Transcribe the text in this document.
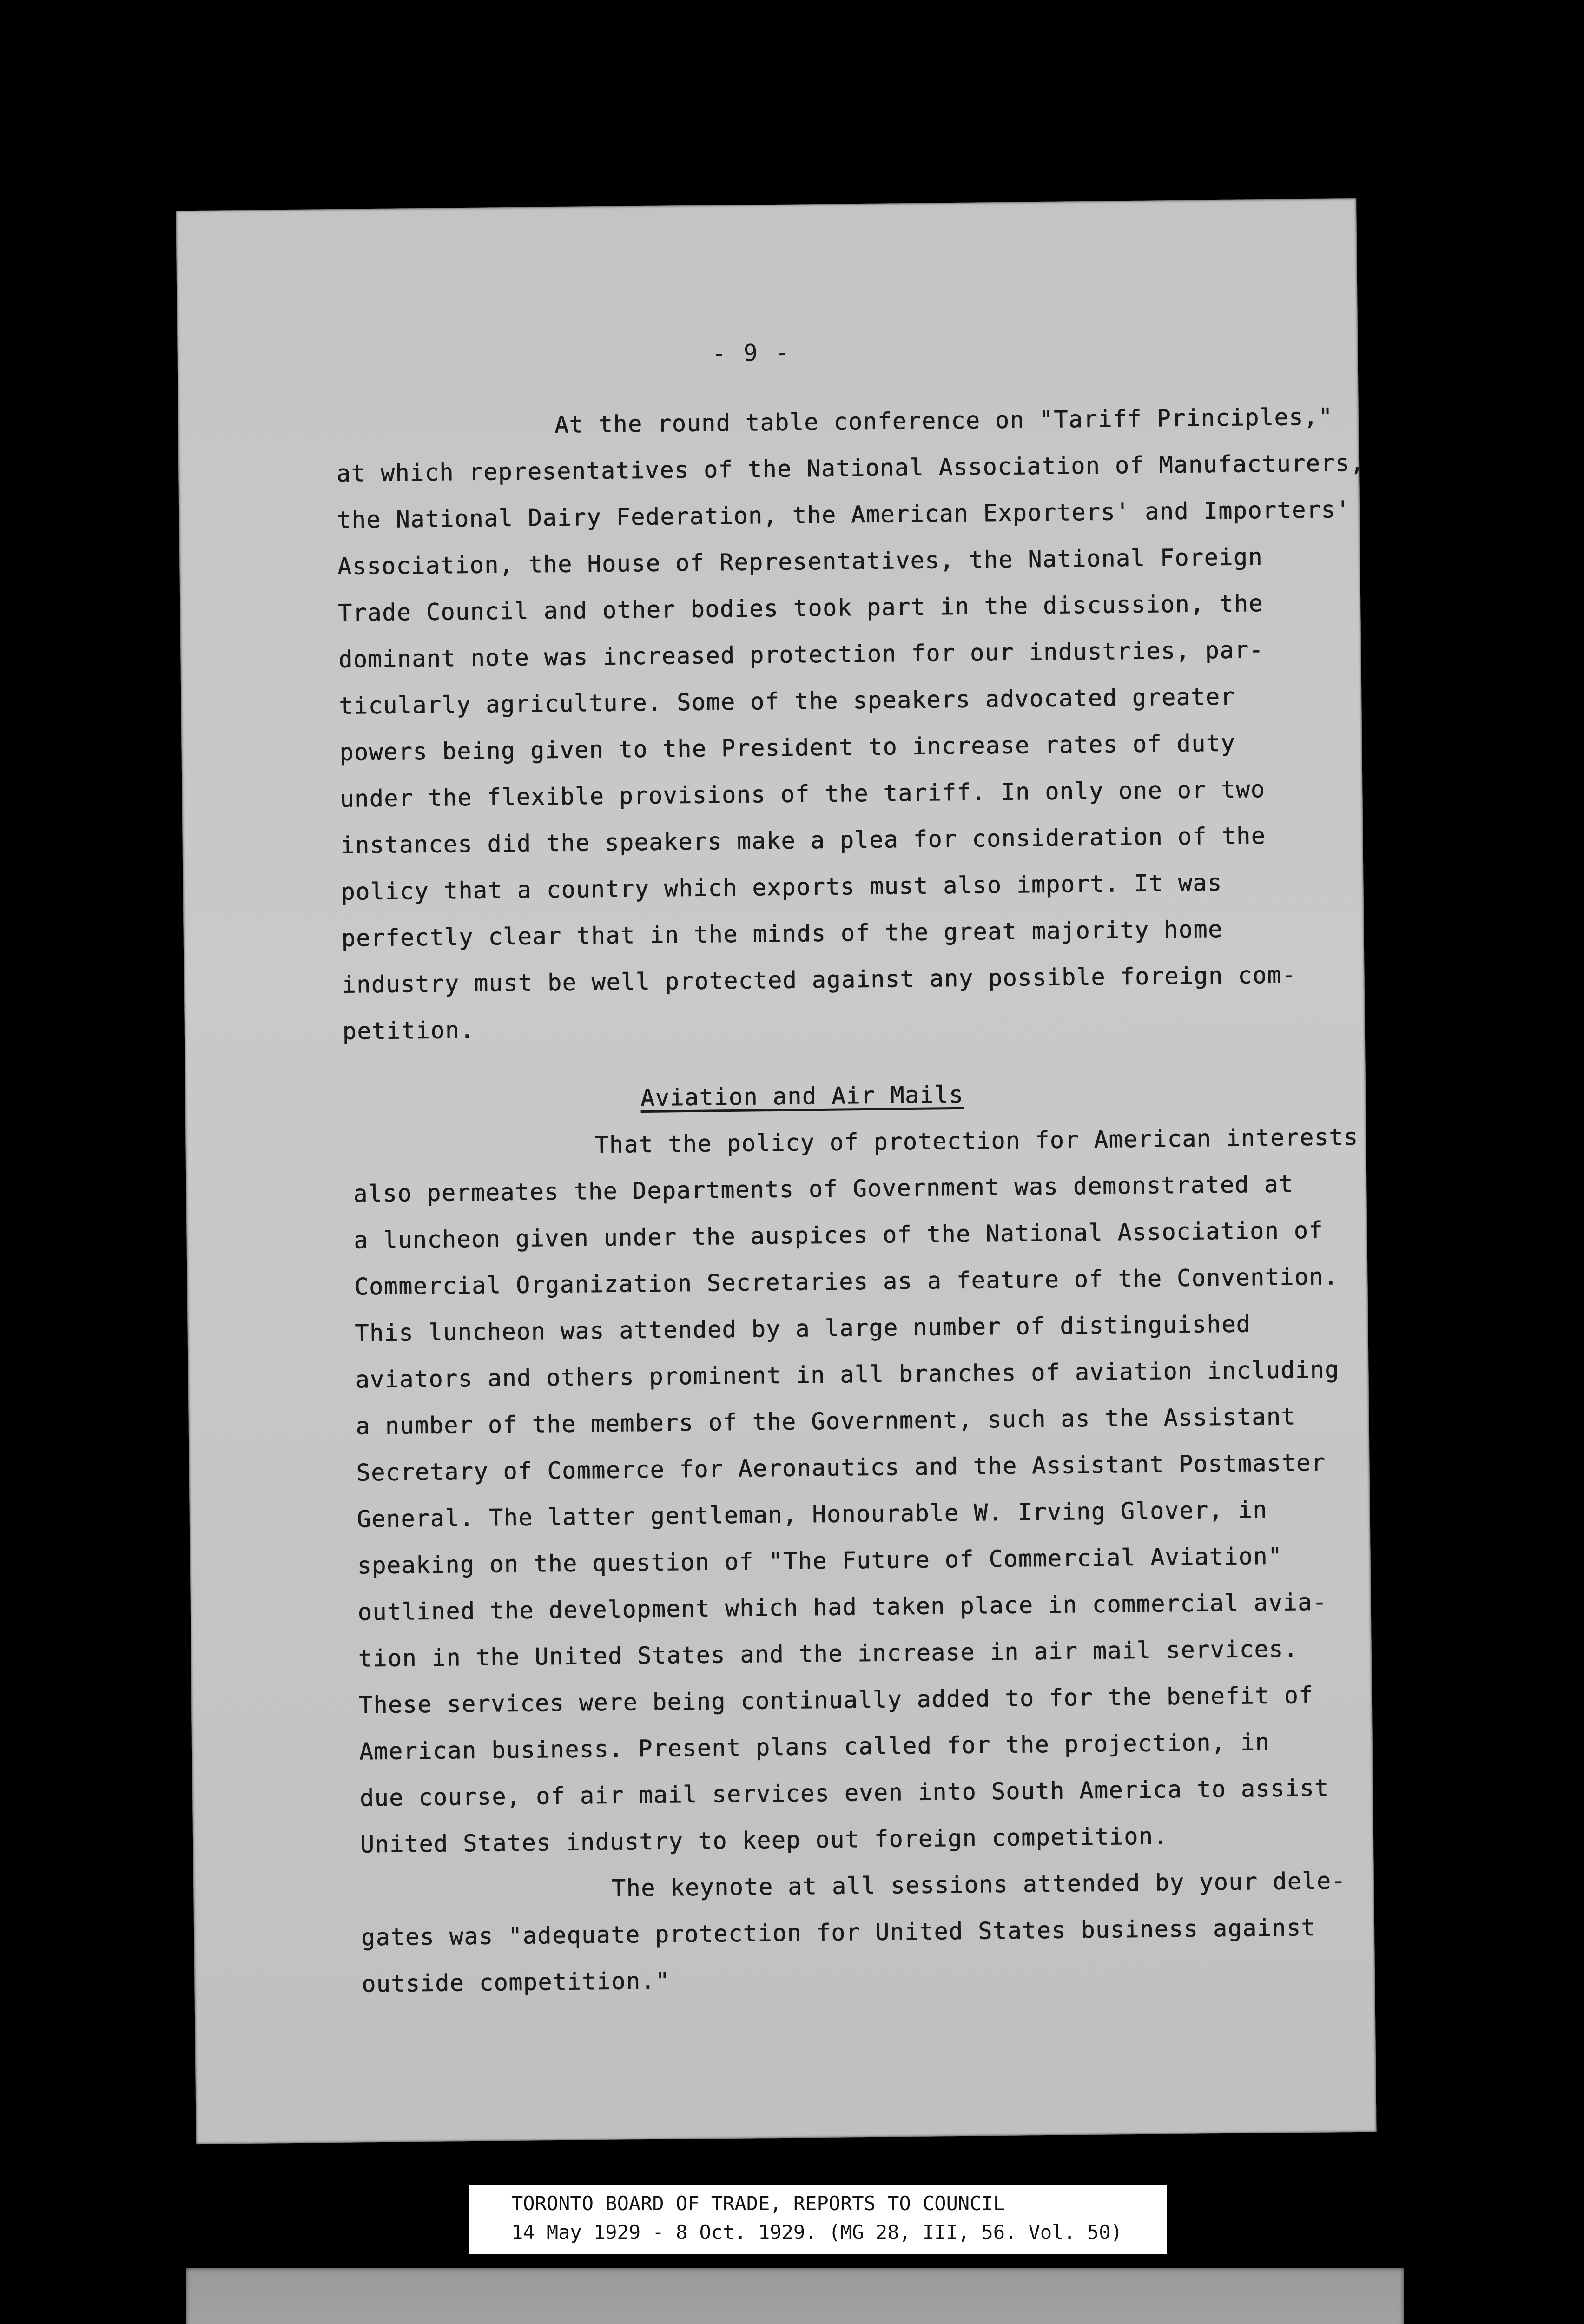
- 9 -
At the round table conference on "Tariff Principles,"
at which representatives of the National Association of Manufacturers,
the National Dairy Federation, the American Exporters' and Importers'
Association, the House of Representatives, the National Foreign
Trade Council and other bodies took part in the discussion, the
dominant note was increased protection for our industries, par-
ticularly agriculture. Some of the speakers advocated greater
powers being given to the President to increase rates of duty
under the flexible provisions of the tariff. In only one or two
instances did the speakers make a plea for consideration of the
policy that a country which exports must also import. It was
perfectly clear that in the minds of the great majority home
industry must be well protected against any possible foreign com-
petition.
Aviation and Air Mails
That the policy of protection for American interests
also permeates the Departments of Government was demonstrated at
a luncheon given under the auspices of the National Association of
Commercial Organization Secretaries as a feature of the Convention.
This luncheon was attended by a large number of distinguished
aviators and others prominent in all branches of aviation including
a number of the members of the Government, such as the Assistant
Secretary of Commerce for Aeronautics and the Assistant Postmaster
General. The latter gentleman, Honourable W. Irving Glover, in
speaking on the question of "The Future of Commercial Aviation"
outlined the development which had taken place in commercial avia-
tion in the United States and the increase in air mail services.
These services were being continually added to for the benefit of
American business. Present plans called for the projection, in
due course, of air mail services even into South America to assist
United States industry to keep out foreign competition.
The keynote at all sessions attended by your dele-
gates was "adequate protection for United States business against
outside competition."
TORONTO BOARD OF TRADE, REPORTS TO COUNCIL
14 May 1929 - 8 Oct. 1929. (MG 28, III, 56. Vol. 50)
